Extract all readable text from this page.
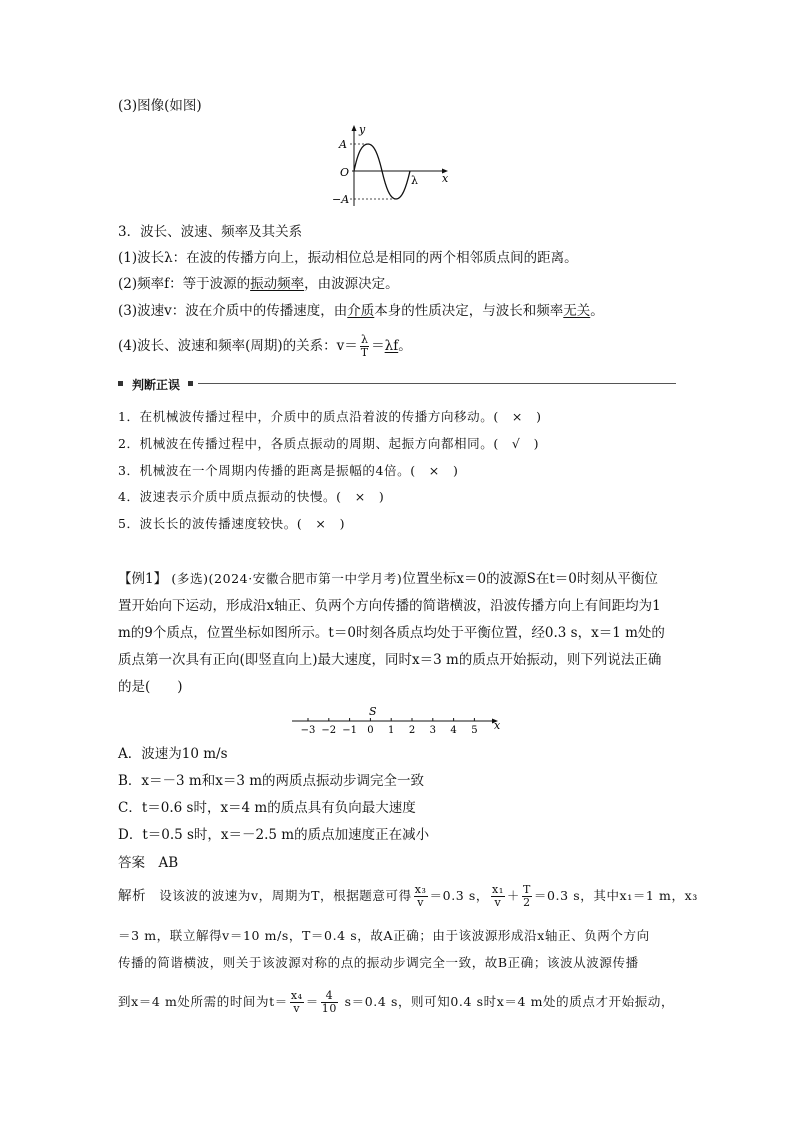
(3)图像(如图)
y
x
A
O
−A
λ
3．波长、波速、频率及其关系
(1)波长λ：在波的传播方向上，振动相位总是相同的两个相邻质点间的距离。
(2)频率f：等于波源的振动频率，由波源决定。
(3)波速v：波在介质中的传播速度，由介质本身的性质决定，与波长和频率无关。
(4)波长、波速和频率(周期)的关系：$v= \frac{\lambda}{T} =\lambda f$。
判断正误
1．在机械波传播过程中，介质中的质点沿着波的传播方向移动。(　×　)
2．机械波在传播过程中，各质点振动的周期、起振方向都相同。(　√　)
3．机械波在一个周期内传播的距离是振幅的4倍。(　×　)
4．波速表示介质中质点振动的快慢。(　×　)
5．波长长的波传播速度较快。(　×　)
【例1】 (多选)(2024·安徽合肥市第一中学月考)位置坐标x＝0的波源S在t＝0时刻从平衡位
置开始向下运动，形成沿x轴正、负两个方向传播的简谐横波，沿波传播方向上有间距均为1
m的9个质点，位置坐标如图所示。t＝0时刻各质点均处于平衡位置，经0.3 s，x＝1 m处的
质点第一次具有正向(即竖直向上)最大速度，同时x＝3 m的质点开始振动，则下列说法正确
的是(　　)
−3 −2 −1 0 1 2 3 4 5
S
x
A．波速为10 m/s
B．x＝－3 m和x＝3 m的两质点振动步调完全一致
C．t＝0.6 s时，x＝4 m的质点具有负向最大速度
D．t＝0.5 s时，x＝－2.5 m的质点加速度正在减小
答案　 AB
解析　 设该波的波速为v，周期为T，根据题意可得 $\frac{\text{x₃}}{v} =0.3$ s， $\frac{\text{x₁}}{v} + \frac{T}{2} =0.3$ s，其中x₁＝1 m，x₃
＝3 m，联立解得v＝10 m/s，T＝0.4 s，故A正确；由于该波源形成沿x轴正、负两个方向
传播的简谐横波，则关于该波源对称的点的振动步调完全一致，故B正确；该波从波源传播
到x＝4 m处所需的时间为$t= \frac{\text{x₄}}{v} = \frac{4}{10} s=0.4$ s，则可知0.4 s时x＝4 m处的质点才开始振动，
